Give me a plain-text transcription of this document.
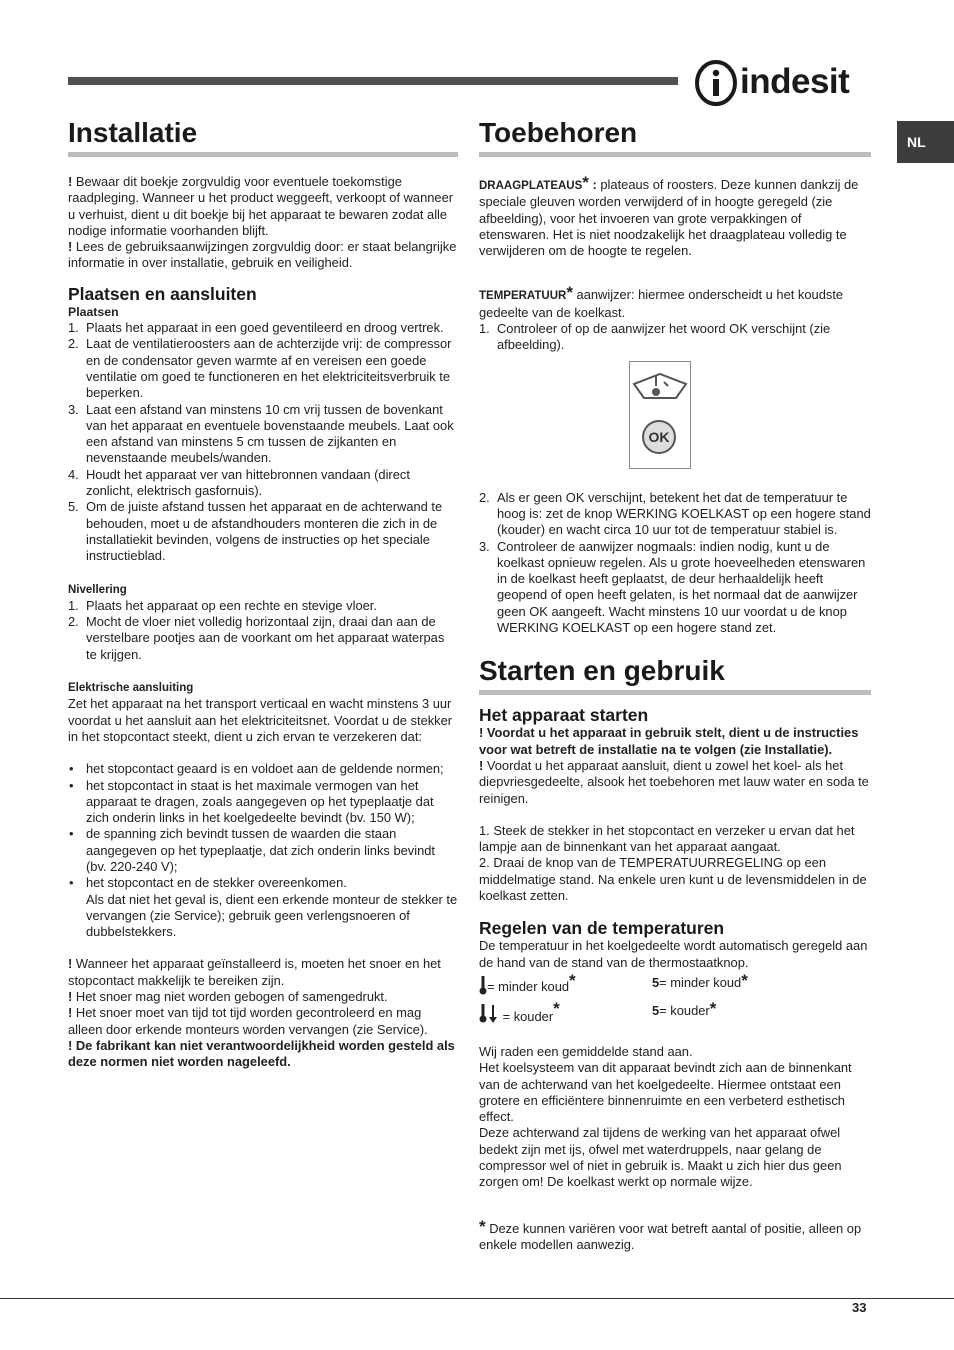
indesit
NL
Installatie

! Bewaar dit boekje zorgvuldig voor eventuele toekomstige raadpleging. Wanneer u het product weggeeft, verkoopt of wanneer u verhuist, dient u dit boekje bij het apparaat te bewaren zodat alle nodige informatie voorhanden blijft.

! Lees de gebruiksaanwijzingen zorgvuldig door: er staat belangrijke informatie in over installatie, gebruik en veiligheid.

Plaatsen en aansluiten
Plaatsen
1. Plaats het apparaat in een goed geventileerd en droog vertrek.
2. Laat de ventilatieroosters aan de achterzijde vrij: de compressor en de condensator geven warmte af en vereisen een goede ventilatie om goed te functioneren en het elektriciteitsverbruik te beperken.
3. Laat een afstand van minstens 10 cm vrij tussen de bovenkant van het apparaat en eventuele bovenstaande meubels. Laat ook een afstand van minstens 5 cm tussen de zijkanten en nevenstaande meubels/wanden.
4. Houdt het apparaat ver van hittebronnen vandaan (direct zonlicht, elektrisch gasfornuis).
5. Om de juiste afstand tussen het apparaat en de achterwand te behouden, moet u de afstandhouders monteren die zich in de installatiekit bevinden, volgens de instructies op het speciale instructieblad.
Nivellering
1. Plaats het apparaat op een rechte en stevige vloer.
2. Mocht de vloer niet volledig horizontaal zijn, draai dan aan de verstelbare pootjes aan de voorkant om het apparaat waterpas te krijgen.
Elektrische aansluiting

Zet het apparaat na het transport verticaal en wacht minstens 3 uur voordat u het aansluit aan het elektriciteitsnet. Voordat u de stekker in het stopcontact steekt, dient u zich ervan te verzekeren dat:

• het stopcontact geaard is en voldoet aan de geldende normen;
• het stopcontact in staat is het maximale vermogen van het apparaat te dragen, zoals aangegeven op het typeplaatje dat zich onderin links in het koelgedeelte bevindt (bv. 150 W);
• de spanning zich bevindt tussen de waarden die staan aangegeven op het typeplaatje, dat zich onderin links bevindt (bv. 220-240 V);
• het stopcontact en de stekker overeenkomen.

Als dat niet het geval is, dient een erkende monteur de stekker te vervangen (zie Service); gebruik geen verlengsnoeren of dubbelstekkers.

! Wanneer het apparaat geïnstalleerd is, moeten het snoer en het stopcontact makkelijk te bereiken zijn.

! Het snoer mag niet worden gebogen of samengedrukt.

! Het snoer moet van tijd tot tijd worden gecontroleerd en mag alleen door erkende monteurs worden vervangen (zie Service).

! De fabrikant kan niet verantwoordelijkheid worden gesteld als deze normen niet worden nageleefd.

Toebehoren

DRAAGPLATEAUS* : plateaus of roosters. Deze kunnen dankzij de speciale gleuven worden verwijderd of in hoogte geregeld (zie afbeelding), voor het invoeren van grote verpakkingen of etenswaren. Het is niet noodzakelijk het draagplateau volledig te verwijderen om de hoogte te regelen.

TEMPERATUUR* aanwijzer: hiermee onderscheidt u het koudste gedeelte van de koelkast.

1. Controleer of op de aanwijzer het woord OK verschijnt (zie afbeelding).
OK
2. Als er geen OK verschijnt, betekent het dat de temperatuur te hoog is: zet de knop WERKING KOELKAST op een hogere stand (kouder) en wacht circa 10 uur tot de temperatuur stabiel is.
3. Controleer de aanwijzer nogmaals: indien nodig, kunt u de koelkast opnieuw regelen. Als u grote hoeveelheden etenswaren in de koelkast heeft geplaatst, de deur herhaaldelijk heeft geopend of open heeft gelaten, is het normaal dat de aanwijzer geen OK aangeeft. Wacht minstens 10 uur voordat u de knop WERKING KOELKAST op een hogere stand zet.
Starten en gebruik
Het apparaat starten

! Voordat u het apparaat in gebruik stelt, dient u de instructies voor wat betreft de installatie na te volgen (zie Installatie).

! Voordat u het apparaat aansluit, dient u zowel het koel- als het diepvriesgedeelte, alsook het toebehoren met lauw water en soda te reinigen.

1. Steek de stekker in het stopcontact en verzeker u ervan dat het lampje aan de binnenkant van het apparaat aangaat.

2. Draai de knop van de TEMPERATUURREGELING op een middelmatige stand. Na enkele uren kunt u de levensmiddelen in de koelkast zetten.

Regelen van de temperaturen

De temperatuur in het koelgedeelte wordt automatisch geregeld aan de hand van de stand van de thermostaatknop.

= minder koud*	5= minder koud*
= kouder*	5= kouder*

Wij raden een gemiddelde stand aan.

Het koelsysteem van dit apparaat bevindt zich aan de binnenkant van de achterwand van het koelgedeelte. Hiermee ontstaat een grotere en efficiëntere binnenruimte en een verbeterd esthetisch effect.

Deze achterwand zal tijdens de werking van het apparaat ofwel bedekt zijn met ijs, ofwel met waterdruppels, naar gelang de compressor wel of niet in gebruik is. Maakt u zich hier dus geen zorgen om! De koelkast werkt op normale wijze.

* Deze kunnen variëren voor wat betreft aantal of positie, alleen op enkele modellen aanwezig.

33
